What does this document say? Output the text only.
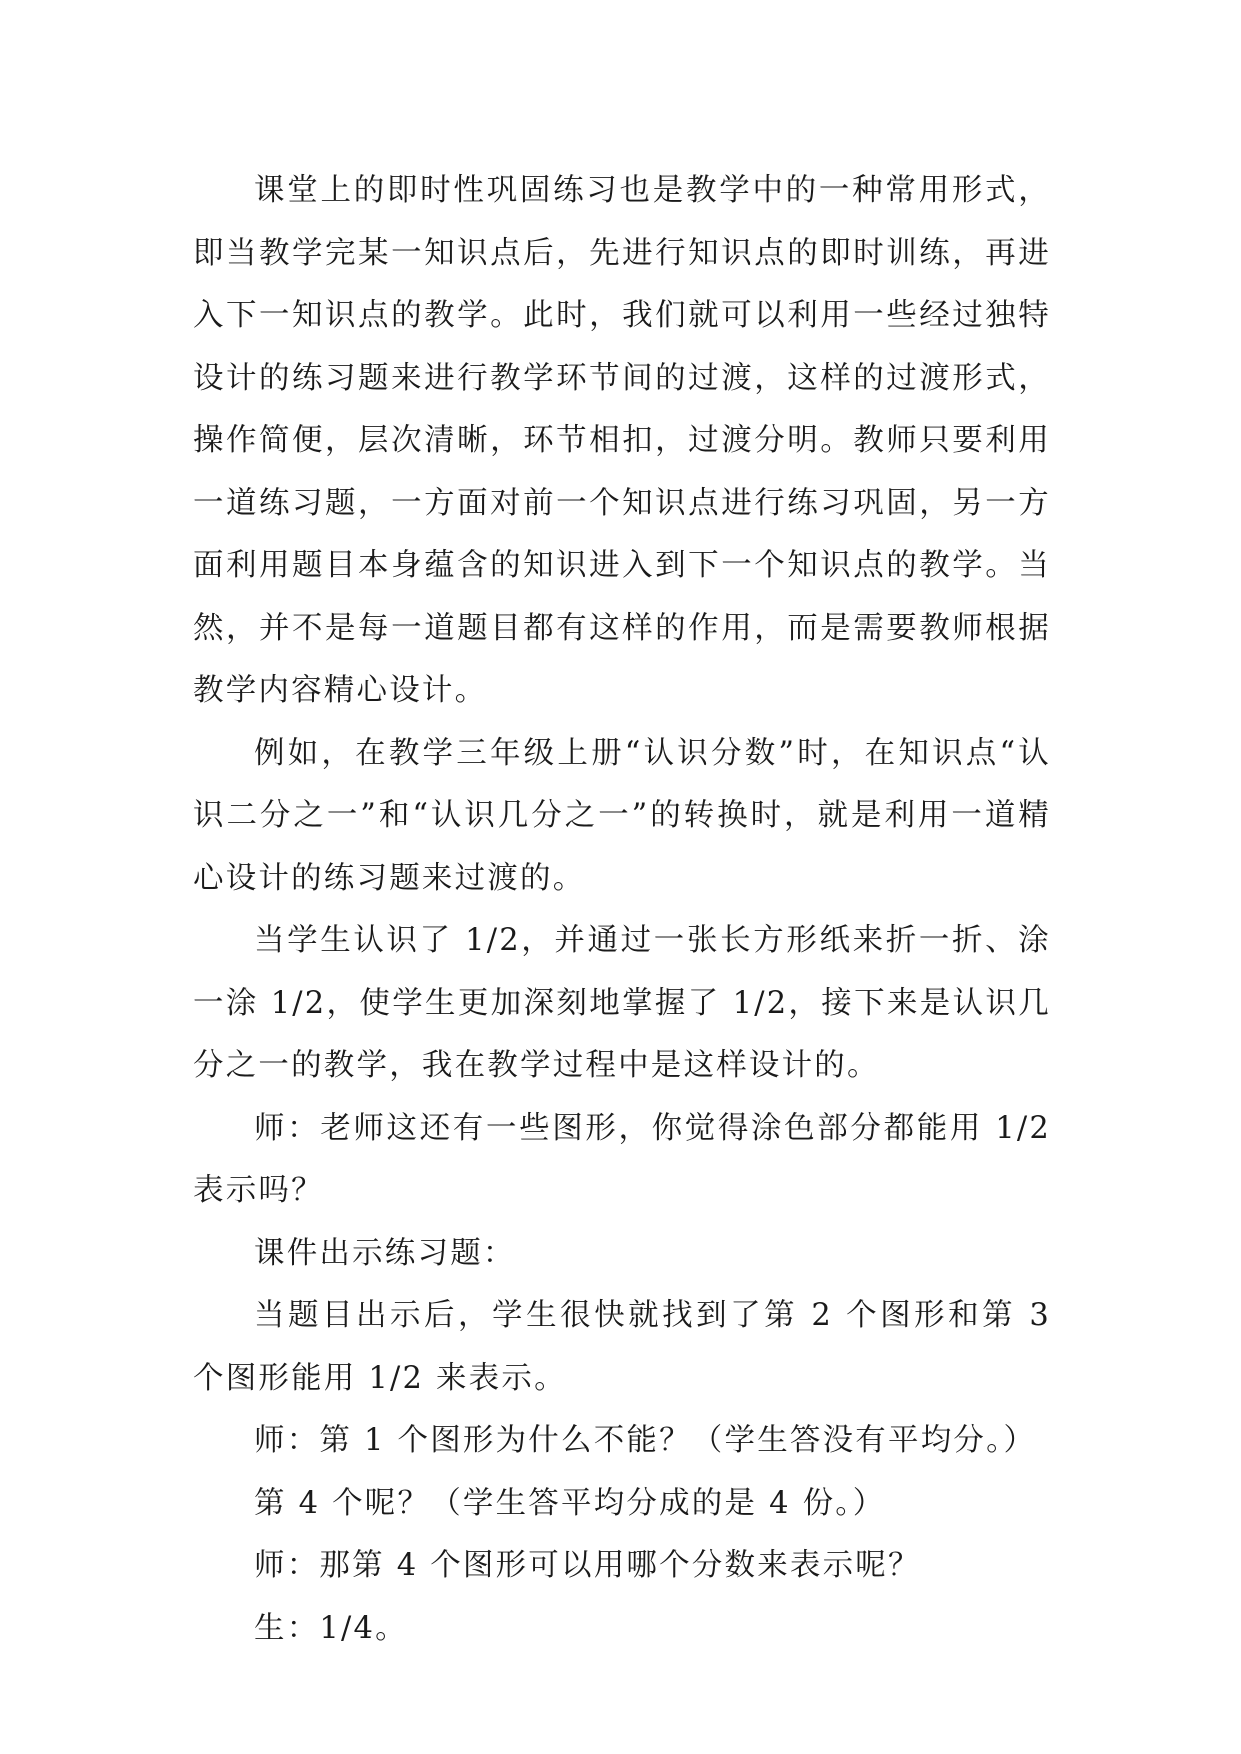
课堂上的即时性巩固练习也是教学中的一种常用形式，即当教学完某一知识点后，先进行知识点的即时训练，再进入下一知识点的教学。此时，我们就可以利用一些经过独特设计的练习题来进行教学环节间的过渡，这样的过渡形式，操作简便，层次清晰，环节相扣，过渡分明。教师只要利用一道练习题，一方面对前一个知识点进行练习巩固，另一方面利用题目本身蕴含的知识进入到下一个知识点的教学。当然，并不是每一道题目都有这样的作用，而是需要教师根据教学内容精心设计。

例如，在教学三年级上册“认识分数”时，在知识点“认识二分之一”和“认识几分之一”的转换时，就是利用一道精心设计的练习题来过渡的。

当学生认识了 1/2，并通过一张长方形纸来折一折、涂一涂 1/2，使学生更加深刻地掌握了 1/2，接下来是认识几分之一的教学，我在教学过程中是这样设计的。

师：老师这还有一些图形，你觉得涂色部分都能用 1/2 表示吗？

课件出示练习题：

当题目出示后，学生很快就找到了第 2 个图形和第 3 个图形能用 1/2 来表示。

师：第 1 个图形为什么不能？（学生答没有平均分。）

第 4 个呢？（学生答平均分成的是 4 份。）

师：那第 4 个图形可以用哪个分数来表示呢？

生：1/4。
